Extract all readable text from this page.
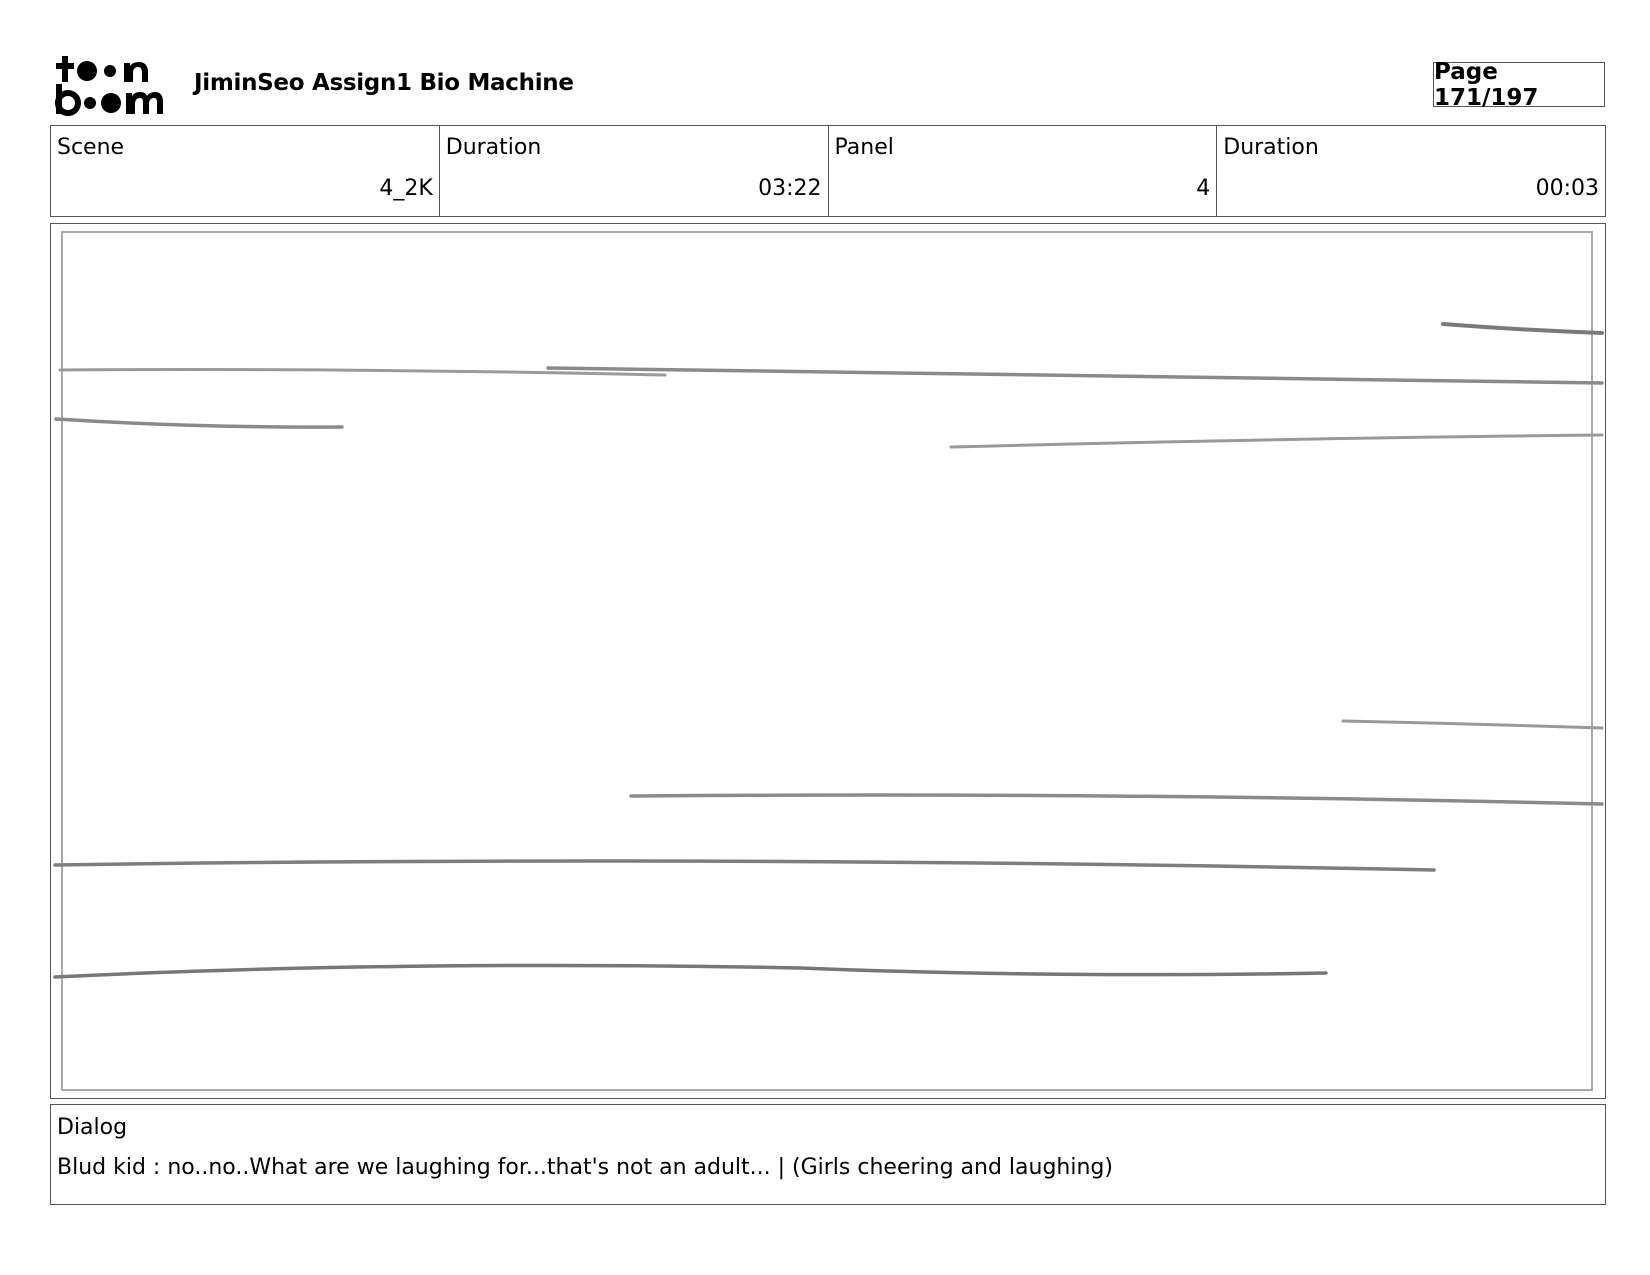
JiminSeo Assign1 Bio Machine	Page 171/197
Scene
4_2K
Duration
03:22
Panel
4
Duration
00:03
Dialog
Blud kid : no..no..What are we laughing for...that's not an adult... | (Girls cheering and laughing)
